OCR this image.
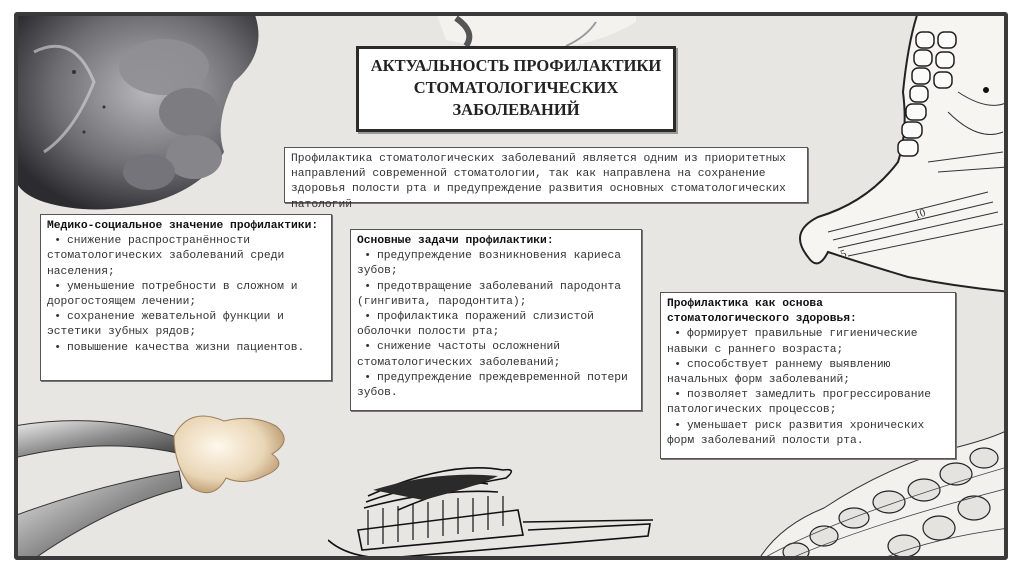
10
5
АКТУАЛЬНОСТЬ ПРОФИЛАКТИКИ
СТОМАТОЛОГИЧЕСКИХ
ЗАБОЛЕВАНИЙ
Профилактика стоматологических заболеваний является одним из приоритетных направлений современной стоматологии, так как направлена на сохранение здоровья полости рта и предупреждение развития основных стоматологических патологий
Медико-социальное значение профилактики:
• снижение распространённости стоматологических заболеваний среди населения;
• уменьшение потребности в сложном и дорогостоящем лечении;
• сохранение жевательной функции и эстетики зубных рядов;
• повышение качества жизни пациентов.
Основные задачи профилактики:
• предупреждение возникновения кариеса зубов;
• предотвращение заболеваний пародонта (гингивита, пародонтита);
• профилактика поражений слизистой оболочки полости рта;
• снижение частоты осложнений стоматологических заболеваний;
• предупреждение преждевременной потери зубов.
Профилактика как основа стоматологического здоровья:
• формирует правильные гигиенические навыки с раннего возраста;
• способствует раннему выявлению начальных форм заболеваний;
• позволяет замедлить прогрессирование патологических процессов;
• уменьшает риск развития хронических форм заболеваний полости рта.
